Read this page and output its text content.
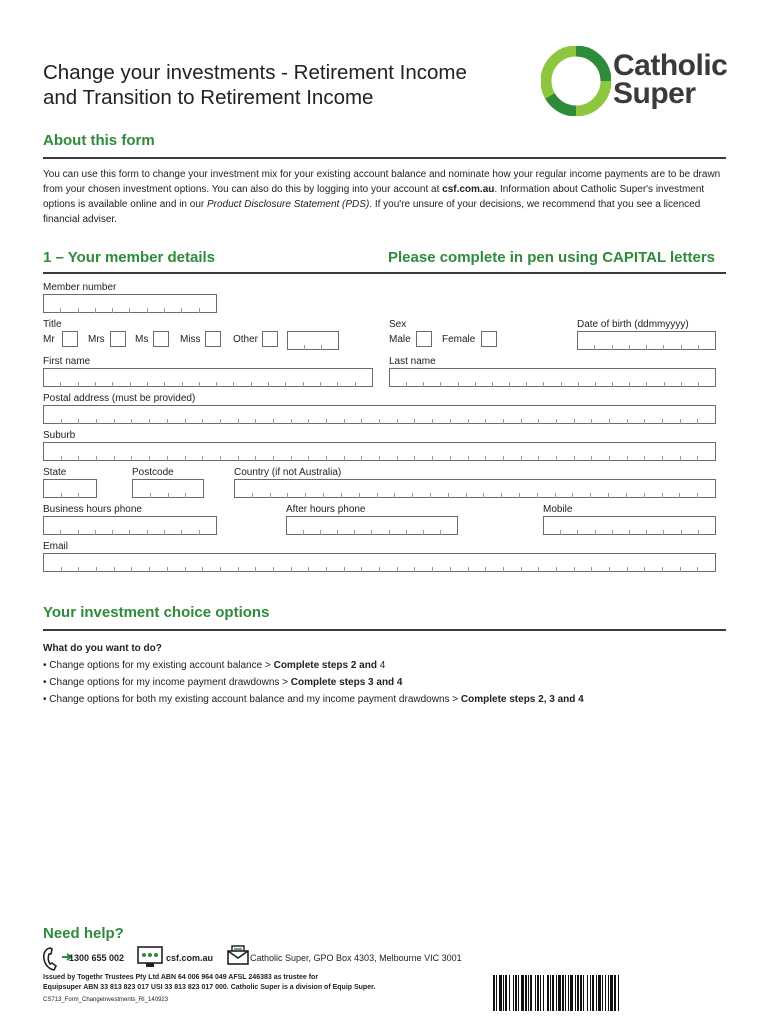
Change your investments - Retirement Income
and Transition to Retirement Income
Catholic
Super
About this form
You can use this form to change your investment mix for your existing account balance and nominate how your regular income payments are to be drawn from your chosen investment options. You can also do this by logging into your account at csf.com.au. Information about Catholic Super's investment options is available online and in our Product Disclosure Statement (PDS). If you're unsure of your decisions, we recommend that you see a licenced financial adviser.
1 – Your member details	Please complete in pen using CAPITAL letters
Member number
Title
Mr	Mrs	Ms	Miss	Other
Sex
Male	Female
Date of birth (ddmmyyyy)
First name	Last name
Postal address (must be provided)
Suburb
State	Postcode	Country (if not Australia)
Business hours phone	After hours phone	Mobile
Email
Your investment choice options
What do you want to do?
• Change options for my existing account balance > Complete steps 2 and 4
• Change options for my income payment drawdowns > Complete steps 3 and 4
• Change options for both my existing account balance and my income payment drawdowns > Complete steps 2, 3 and 4
Need help?
1300 655 002	csf.com.au	Catholic Super, GPO Box 4303, Melbourne VIC 3001
Issued by Togethr Trustees Pty Ltd ABN 64 006 964 049 AFSL 246383 as trustee for
Equipsuper ABN 33 813 823 017 USI 33 813 823 017 000. Catholic Super is a division of Equip Super.
CS713_Form_ChangeInvestments_RI_140923
